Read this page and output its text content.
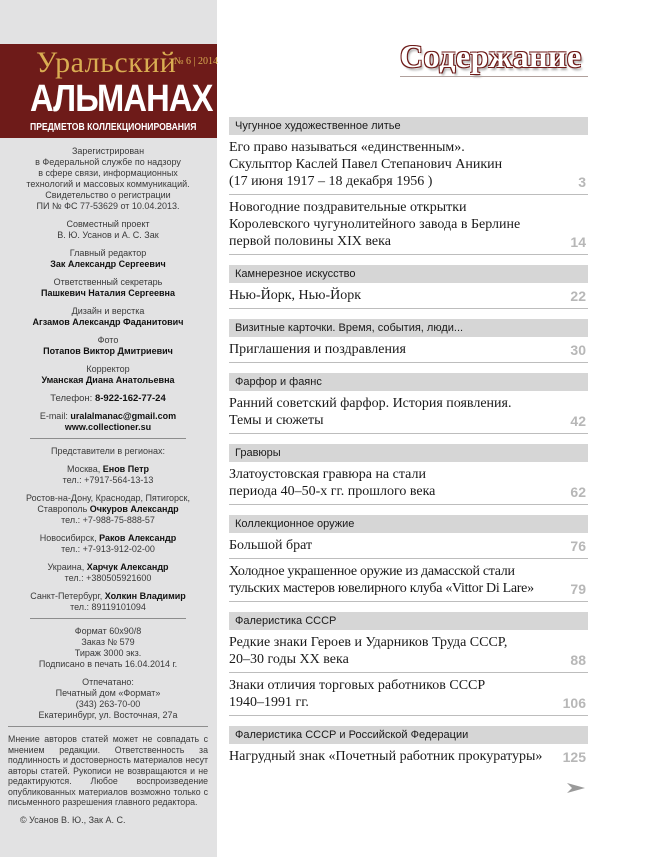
Уральский
№ 6 | 2014
АЛЬМАНАХ
ПРЕДМЕТОВ КОЛЛЕКЦИОНИРОВАНИЯ
Зарегистрирован
в Федеральной службе по надзору
в сфере связи, информационных
технологий и массовых коммуникаций.
Свидетельство о регистрации
ПИ № ФС 77-53629 от 10.04.2013.
Совместный проект
В. Ю. Усанов и А. С. Зак
Главный редактор
Зак Александр Сергеевич
Ответственный секретарь
Пашкевич Наталия Сергеевна
Дизайн и верстка
Агзамов Александр Фаданитович
Фото
Потапов Виктор Дмитриевич
Корректор
Уманская Диана Анатольевна
Телефон: 8-922-162-77-24
E-mail: uralalmanac@gmail.com
www.collectioner.su
Представители в регионах:
Москва, Енов Петр
тел.: +7917-564-13-13
Ростов-на-Дону, Краснодар, Пятигорск,
Ставрополь Очкуров Александр
тел.: +7-988-75-888-57
Новосибирск, Раков Александр
тел.: +7-913-912-02-00
Украина, Харчук Александр
тел.: +380505921600
Санкт-Петербург, Холкин Владимир
тел.: 89119101094
Формат 60х90/8
Заказ № 579
Тираж 3000 экз.
Подписано в печать 16.04.2014 г.
Отпечатано:
Печатный дом «Формат»
(343) 263-70-00
Екатеринбург, ул. Восточная, 27а
Мнение авторов статей может не совпадать с мнением редакции. Ответственность за подлинность и достоверность материалов несут авторы статей. Рукописи не возвращаются и не редактируются. Любое воспроизведение опубликованных материалов возможно только с письменного разрешения главного редактора.
© Усанов В. Ю., Зак А. С.
Содержание
Чугунное художественное литье
Его право называться «единственным».
Скульптор Каслей Павел Степанович Аникин
(17 июня 1917 – 18 декабря 1956 )	3
Новогодние поздравительные открытки
Королевского чугунолитейного завода в Берлине
первой половины XIX века	14
Камнерезное искусство
Нью-Йорк, Нью-Йорк	22
Визитные карточки. Время, события, люди...
Приглашения и поздравления	30
Фарфор и фаянс
Ранний советский фарфор. История появления.
Темы и сюжеты	42
Гравюры
Златоустовская гравюра на стали
периода 40–50-х гг. прошлого века	62
Коллекционное оружие
Большой брат	76
Холодное украшенное оружие из дамасской стали
тульских мастеров ювелирного клуба «Vittor Di Lare»	79
Фалеристика СССР
Редкие знаки Героев и Ударников Труда СССР,
20–30 годы XX века	88
Знаки отличия торговых работников СССР
1940–1991 гг.	106
Фалеристика СССР и Российской Федерации
Нагрудный знак «Почетный работник прокуратуры»	125
